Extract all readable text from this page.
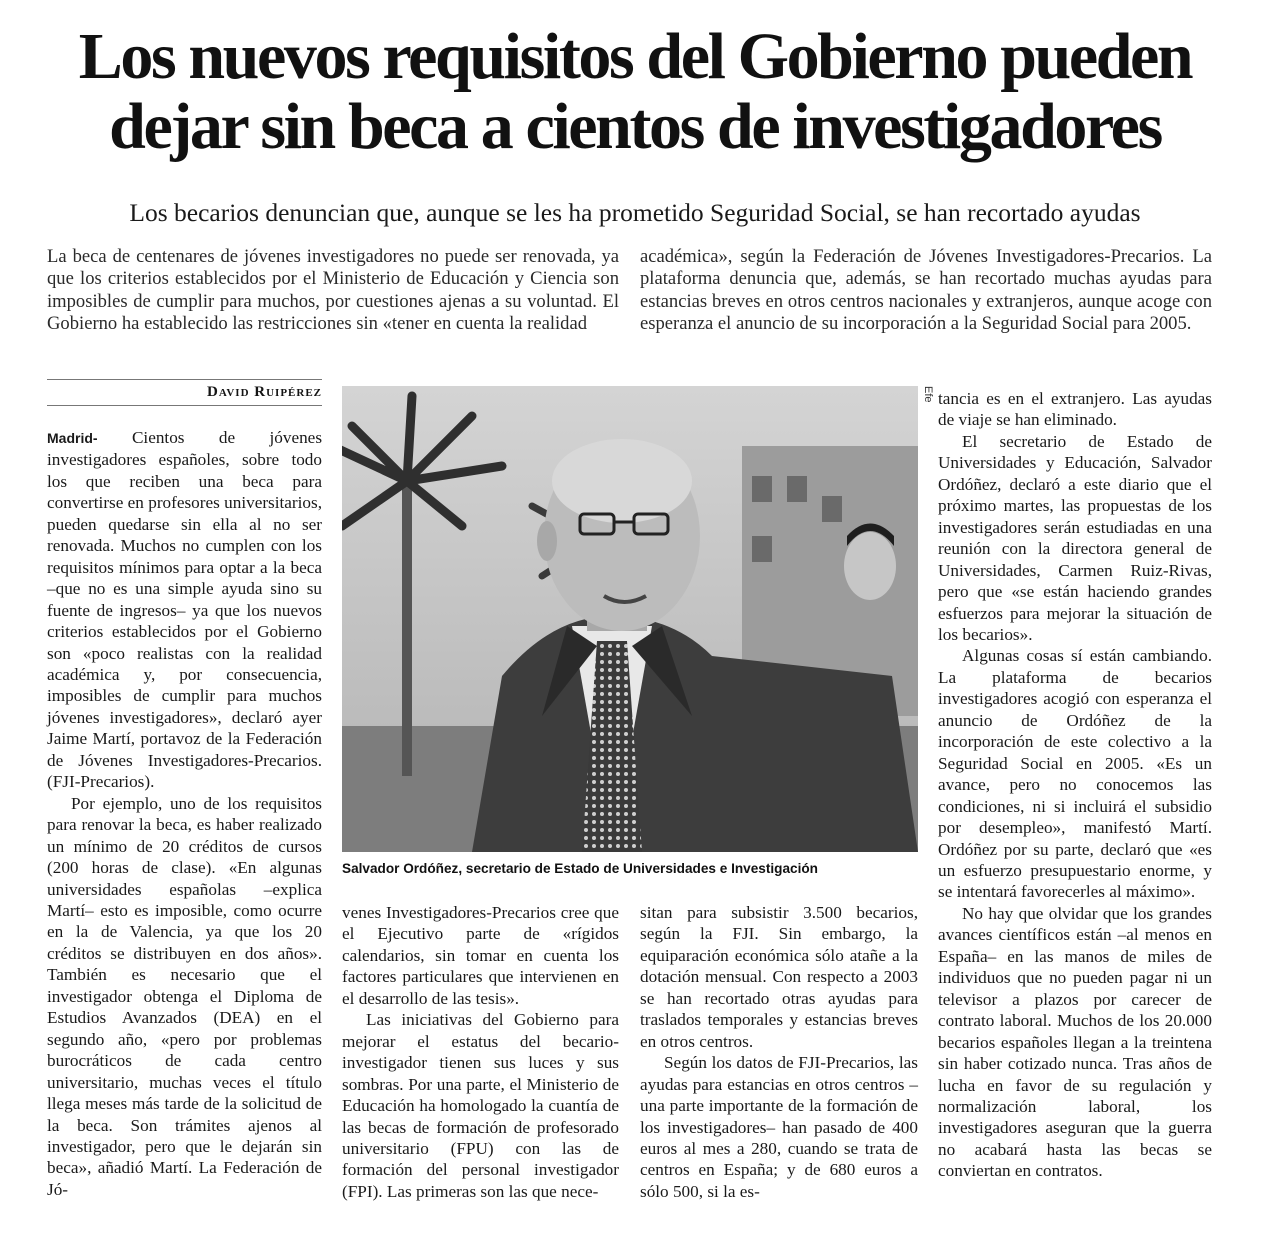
Los nuevos requisitos del Gobierno pueden dejar sin beca a cientos de investigadores
Los becarios denuncian que, aunque se les ha prometido Seguridad Social, se han recortado ayudas

La beca de centenares de jóvenes investigadores no puede ser renovada, ya que los criterios establecidos por el Ministerio de Educación y Ciencia son imposibles de cumplir para muchos, por cuestiones ajenas a su voluntad. El Gobierno ha establecido las restricciones sin «tener en cuenta la realidad

académica», según la Federación de Jóvenes Investigadores-Precarios. La plataforma denuncia que, además, se han recortado muchas ayudas para estancias breves en otros centros nacionales y extranjeros, aunque acoge con esperanza el anuncio de su incorporación a la Seguridad Social para 2005.

David Ruipérez

Madrid- Cientos de jóvenes investigadores españoles, sobre todo los que reciben una beca para convertirse en profesores universitarios, pueden quedarse sin ella al no ser renovada. Muchos no cumplen con los requisitos mínimos para optar a la beca –que no es una simple ayuda sino su fuente de ingresos– ya que los nuevos criterios establecidos por el Gobierno son «poco realistas con la realidad académica y, por consecuencia, imposibles de cumplir para muchos jóvenes investigadores», declaró ayer Jaime Martí, portavoz de la Federación de Jóvenes Investigadores-Precarios. (FJI-Precarios).

Por ejemplo, uno de los requisitos para renovar la beca, es haber realizado un mínimo de 20 créditos de cursos (200 horas de clase). «En algunas universidades españolas –explica Martí– esto es imposible, como ocurre en la de Valencia, ya que los 20 créditos se distribuyen en dos años». También es necesario que el investigador obtenga el Diploma de Estudios Avanzados (DEA) en el segundo año, «pero por problemas burocráticos de cada centro universitario, muchas veces el título llega meses más tarde de la solicitud de la beca. Son trámites ajenos al investigador, pero que le dejarán sin beca», añadió Martí. La Federación de Jó-

Efe
Salvador Ordóñez, secretario de Estado de Universidades e Investigación

venes Investigadores-Precarios cree que el Ejecutivo parte de «rígidos calendarios, sin tomar en cuenta los factores particulares que intervienen en el desarrollo de las tesis».

Las iniciativas del Gobierno para mejorar el estatus del becario-investigador tienen sus luces y sus sombras. Por una parte, el Ministerio de Educación ha homologado la cuantía de las becas de formación de profesorado universitario (FPU) con las de formación del personal investigador (FPI). Las primeras son las que nece-

sitan para subsistir 3.500 becarios, según la FJI. Sin embargo, la equiparación económica sólo atañe a la dotación mensual. Con respecto a 2003 se han recortado otras ayudas para traslados temporales y estancias breves en otros centros.

Según los datos de FJI-Precarios, las ayudas para estancias en otros centros –una parte importante de la formación de los investigadores– han pasado de 400 euros al mes a 280, cuando se trata de centros en España; y de 680 euros a sólo 500, si la es-

tancia es en el extranjero. Las ayudas de viaje se han eliminado.

El secretario de Estado de Universidades y Educación, Salvador Ordóñez, declaró a este diario que el próximo martes, las propuestas de los investigadores serán estudiadas en una reunión con la directora general de Universidades, Carmen Ruiz-Rivas, pero que «se están haciendo grandes esfuerzos para mejorar la situación de los becarios».

Algunas cosas sí están cambiando. La plataforma de becarios investigadores acogió con esperanza el anuncio de Ordóñez de la incorporación de este colectivo a la Seguridad Social en 2005. «Es un avance, pero no conocemos las condiciones, ni si incluirá el subsidio por desempleo», manifestó Martí. Ordóñez por su parte, declaró que «es un esfuerzo presupuestario enorme, y se intentará favorecerles al máximo».

No hay que olvidar que los grandes avances científicos están –al menos en España– en las manos de miles de individuos que no pueden pagar ni un televisor a plazos por carecer de contrato laboral. Muchos de los 20.000 becarios españoles llegan a la treintena sin haber cotizado nunca. Tras años de lucha en favor de su regulación y normalización laboral, los investigadores aseguran que la guerra no acabará hasta las becas se conviertan en contratos.
